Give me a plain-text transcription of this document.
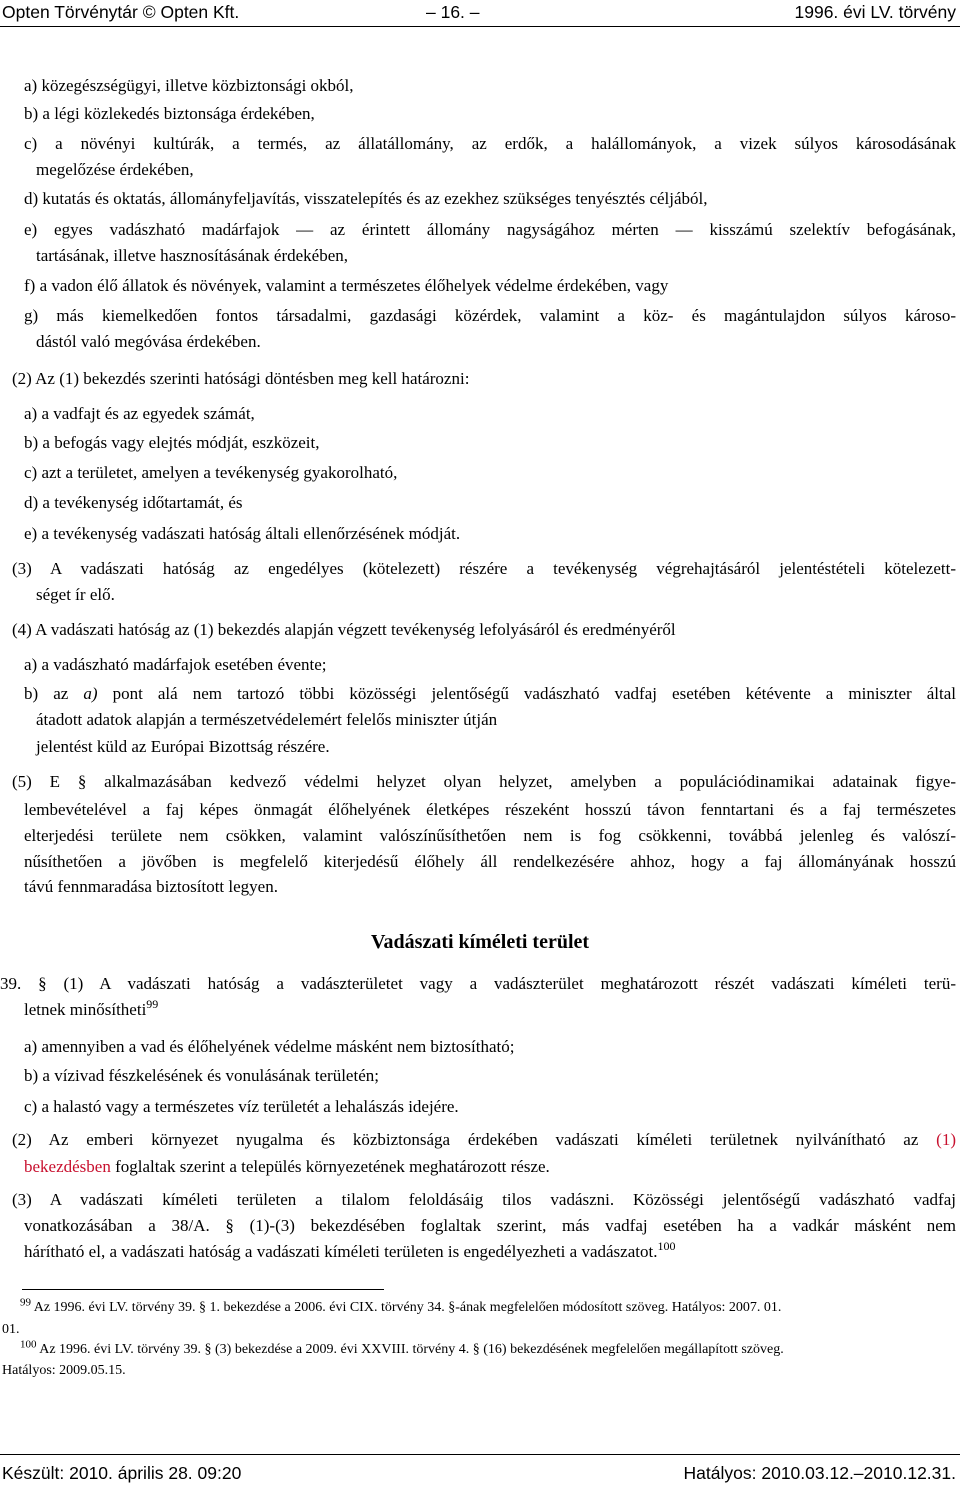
Opten Törvénytár © Opten Kft.	– 16. –	1996. évi LV. törvény
a) közegészségügyi, illetve közbiztonsági okból,
b) a légi közlekedés biztonsága érdekében,
c) a növényi kultúrák, a termés, az állatállomány, az erdők, a halállományok, a vizek súlyos károsodásának
megelőzése érdekében,
d) kutatás és oktatás, állományfeljavítás, visszatelepítés és az ezekhez szükséges tenyésztés céljából,
e) egyes vadászható madárfajok — az érintett állomány nagyságához mérten — kisszámú szelektív befogásának,
tartásának, illetve hasznosításának érdekében,
f) a vadon élő állatok és növények, valamint a természetes élőhelyek védelme érdekében, vagy
g) más kiemelkedően fontos társadalmi, gazdasági közérdek, valamint a köz- és magántulajdon súlyos károso-
dástól való megóvása érdekében.
(2) Az (1) bekezdés szerinti hatósági döntésben meg kell határozni:
a) a vadfajt és az egyedek számát,
b) a befogás vagy elejtés módját, eszközeit,
c) azt a területet, amelyen a tevékenység gyakorolható,
d) a tevékenység időtartamát, és
e) a tevékenység vadászati hatóság általi ellenőrzésének módját.
(3) A vadászati hatóság az engedélyes (kötelezett) részére a tevékenység végrehajtásáról jelentéstételi kötelezett-
séget ír elő.
(4) A vadászati hatóság az (1) bekezdés alapján végzett tevékenység lefolyásáról és eredményéről
a) a vadászható madárfajok esetében évente;
b) az a) pont alá nem tartozó többi közösségi jelentőségű vadászható vadfaj esetében kétévente a miniszter által
átadott adatok alapján a természetvédelemért felelős miniszter útján
jelentést küld az Európai Bizottság részére.
(5) E § alkalmazásában kedvező védelmi helyzet olyan helyzet, amelyben a populációdinamikai adatainak figye-
lembevételével a faj képes önmagát élőhelyének életképes részeként hosszú távon fenntartani és a faj természetes
elterjedési területe nem csökken, valamint valószínűsíthetően nem is fog csökkenni, továbbá jelenleg és valószí-
nűsíthetően a jövőben is megfelelő kiterjedésű élőhely áll rendelkezésére ahhoz, hogy a faj állományának hosszú
távú fennmaradása biztosított legyen.
Vadászati kíméleti terület
39. § (1) A vadászati hatóság a vadászterületet vagy a vadászterület meghatározott részét vadászati kíméleti terü-
letnek minősítheti$^{99}$
a) amennyiben a vad és élőhelyének védelme másként nem biztosítható;
b) a vízivad fészkelésének és vonulásának területén;
c) a halastó vagy a természetes víz területét a lehalászás idejére.
(2) Az emberi környezet nyugalma és közbiztonsága érdekében vadászati kíméleti területnek nyilvánítható az (1)
bekezdésben foglaltak szerint a település környezetének meghatározott része.
(3) A vadászati kíméleti területen a tilalom feloldásáig tilos vadászni. Közösségi jelentőségű vadászható vadfaj
vonatkozásában a 38/A. § (1)-(3) bekezdésében foglaltak szerint, más vadfaj esetében ha a vadkár másként nem
hárítható el, a vadászati hatóság a vadászati kíméleti területen is engedélyezheti a vadászatot.$^{100}$
$^{99}$ Az 1996. évi LV. törvény 39. § 1. bekezdése a 2006. évi CIX. törvény 34. §-ának megfelelően módosított szöveg. Hatályos: 2007. 01.
01.
$^{100}$ Az 1996. évi LV. törvény 39. § (3) bekezdése a 2009. évi XXVIII. törvény 4. § (16) bekezdésének megfelelően megállapított szöveg.
Hatályos: 2009.05.15.
Készült: 2010. április 28. 09:20	Hatályos: 2010.03.12.–2010.12.31.
